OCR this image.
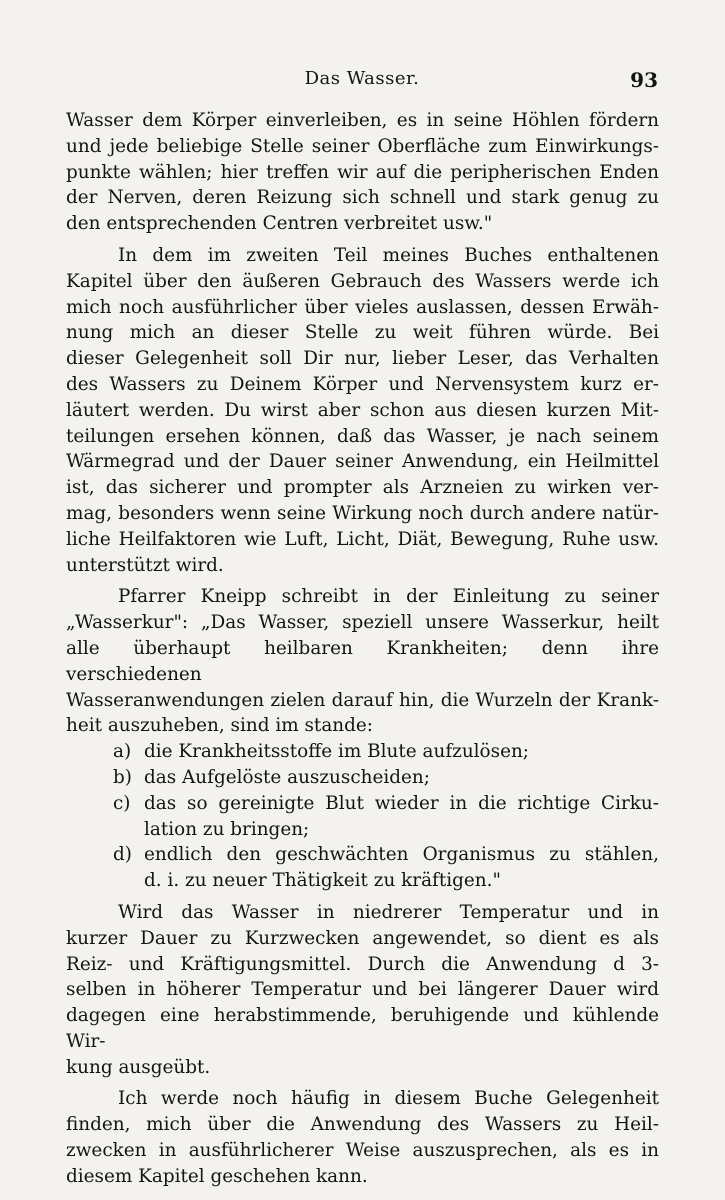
Das Wasser.	93

Wasser dem Körper einverleiben, es in seine Höhlen fördern
und jede beliebige Stelle seiner Oberfläche zum Einwirkungs-
punkte wählen; hier treffen wir auf die peripherischen Enden
der Nerven, deren Reizung sich schnell und stark genug zu
den entsprechenden Centren verbreitet usw."

In dem im zweiten Teil meines Buches enthaltenen
Kapitel über den äußeren Gebrauch des Wassers werde ich
mich noch ausführlicher über vieles auslassen, dessen Erwäh-
nung mich an dieser Stelle zu weit führen würde. Bei
dieser Gelegenheit soll Dir nur, lieber Leser, das Verhalten
des Wassers zu Deinem Körper und Nervensystem kurz er-
läutert werden. Du wirst aber schon aus diesen kurzen Mit-
teilungen ersehen können, daß das Wasser, je nach seinem
Wärmegrad und der Dauer seiner Anwendung, ein Heilmittel
ist, das sicherer und prompter als Arzneien zu wirken ver-
mag, besonders wenn seine Wirkung noch durch andere natür-
liche Heilfaktoren wie Luft, Licht, Diät, Bewegung, Ruhe usw.
unterstützt wird.

Pfarrer Kneipp schreibt in der Einleitung zu seiner
„Wasserkur": „Das Wasser, speziell unsere Wasserkur, heilt
alle überhaupt heilbaren Krankheiten; denn ihre verschiedenen
Wasseranwendungen zielen darauf hin, die Wurzeln der Krank-
heit auszuheben, sind im stande:

a) die Krankheitsstoffe im Blute aufzulösen;
b) das Aufgelöste auszuscheiden;
c) das so gereinigte Blut wieder in die richtige Cirku-
lation zu bringen;
d) endlich den geschwächten Organismus zu stählen,
d. i. zu neuer Thätigkeit zu kräftigen."

Wird das Wasser in niedrerer Temperatur und in
kurzer Dauer zu Kurzwecken angewendet, so dient es als
Reiz- und Kräftigungsmittel. Durch die Anwendung d 3-
selben in höherer Temperatur und bei längerer Dauer wird
dagegen eine herabstimmende, beruhigende und kühlende Wir-
kung ausgeübt.

Ich werde noch häufig in diesem Buche Gelegenheit
finden, mich über die Anwendung des Wassers zu Heil-
zwecken in ausführlicherer Weise auszusprechen, als es in
diesem Kapitel geschehen kann.
